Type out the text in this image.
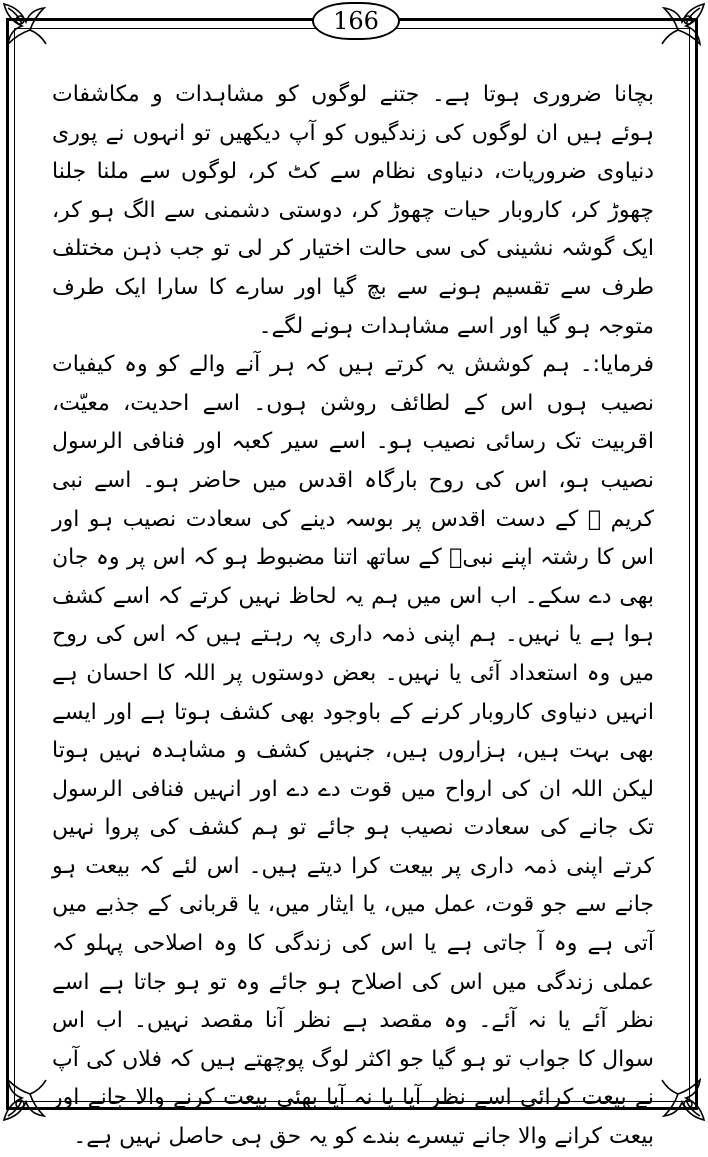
166

بچانا ضروری ہوتا ہے۔ جتنے لوگوں کو مشاہدات و مکاشفات ہوئے ہیں ان لوگوں کی زندگیوں کو آپ دیکھیں تو انہوں نے پوری دنیاوی ضروریات، دنیاوی نظام سے کٹ کر، لوگوں سے ملنا جلنا چھوڑ کر، کاروبار حیات چھوڑ کر، دوستی دشمنی سے الگ ہو کر، ایک گوشہ نشینی کی سی حالت اختیار کر لی تو جب ذہن مختلف طرف سے تقسیم ہونے سے بچ گیا اور سارے کا سارا ایک طرف متوجہ ہو گیا اور اسے مشاہدات ہونے لگے۔

فرمایا:۔ ہم کوشش یہ کرتے ہیں کہ ہر آنے والے کو وہ کیفیات نصیب ہوں اس کے لطائف روشن ہوں۔ اسے احدیت، معیّت، اقربیت تک رسائی نصیب ہو۔ اسے سیر کعبہ اور فنافی الرسول نصیب ہو، اس کی روح بارگاہ اقدس میں حاضر ہو۔ اسے نبی کریم ﷺ کے دست اقدس پر بوسہ دینے کی سعادت نصیب ہو اور اس کا رشتہ اپنے نبیؐ کے ساتھ اتنا مضبوط ہو کہ اس پر وہ جان بھی دے سکے۔ اب اس میں ہم یہ لحاظ نہیں کرتے کہ اسے کشف ہوا ہے یا نہیں۔ ہم اپنی ذمہ داری پہ رہتے ہیں کہ اس کی روح میں وہ استعداد آئی یا نہیں۔ بعض دوستوں پر اللہ کا احسان ہے انہیں دنیاوی کاروبار کرنے کے باوجود بھی کشف ہوتا ہے اور ایسے بھی بہت ہیں، ہزاروں ہیں، جنہیں کشف و مشاہدہ نہیں ہوتا لیکن اللہ ان کی ارواح میں قوت دے دے اور انہیں فنافی الرسول تک جانے کی سعادت نصیب ہو جائے تو ہم کشف کی پروا نہیں کرتے اپنی ذمہ داری پر بیعت کرا دیتے ہیں۔ اس لئے کہ بیعت ہو جانے سے جو قوت، عمل میں، یا ایثار میں، یا قربانی کے جذبے میں آتی ہے وہ آ جاتی ہے یا اس کی زندگی کا وہ اصلاحی پہلو کہ عملی زندگی میں اس کی اصلاح ہو جائے وہ تو ہو جاتا ہے اسے نظر آئے یا نہ آئے۔ وہ مقصد ہے نظر آنا مقصد نہیں۔ اب اس سوال کا جواب تو ہو گیا جو اکثر لوگ پوچھتے ہیں کہ فلاں کی آپ نے بیعت کرائی اسے نظر آیا یا نہ آیا بھئی بیعت کرنے والا جانے اور بیعت کرانے والا جانے تیسرے بندے کو یہ حق ہی حاصل نہیں ہے۔
